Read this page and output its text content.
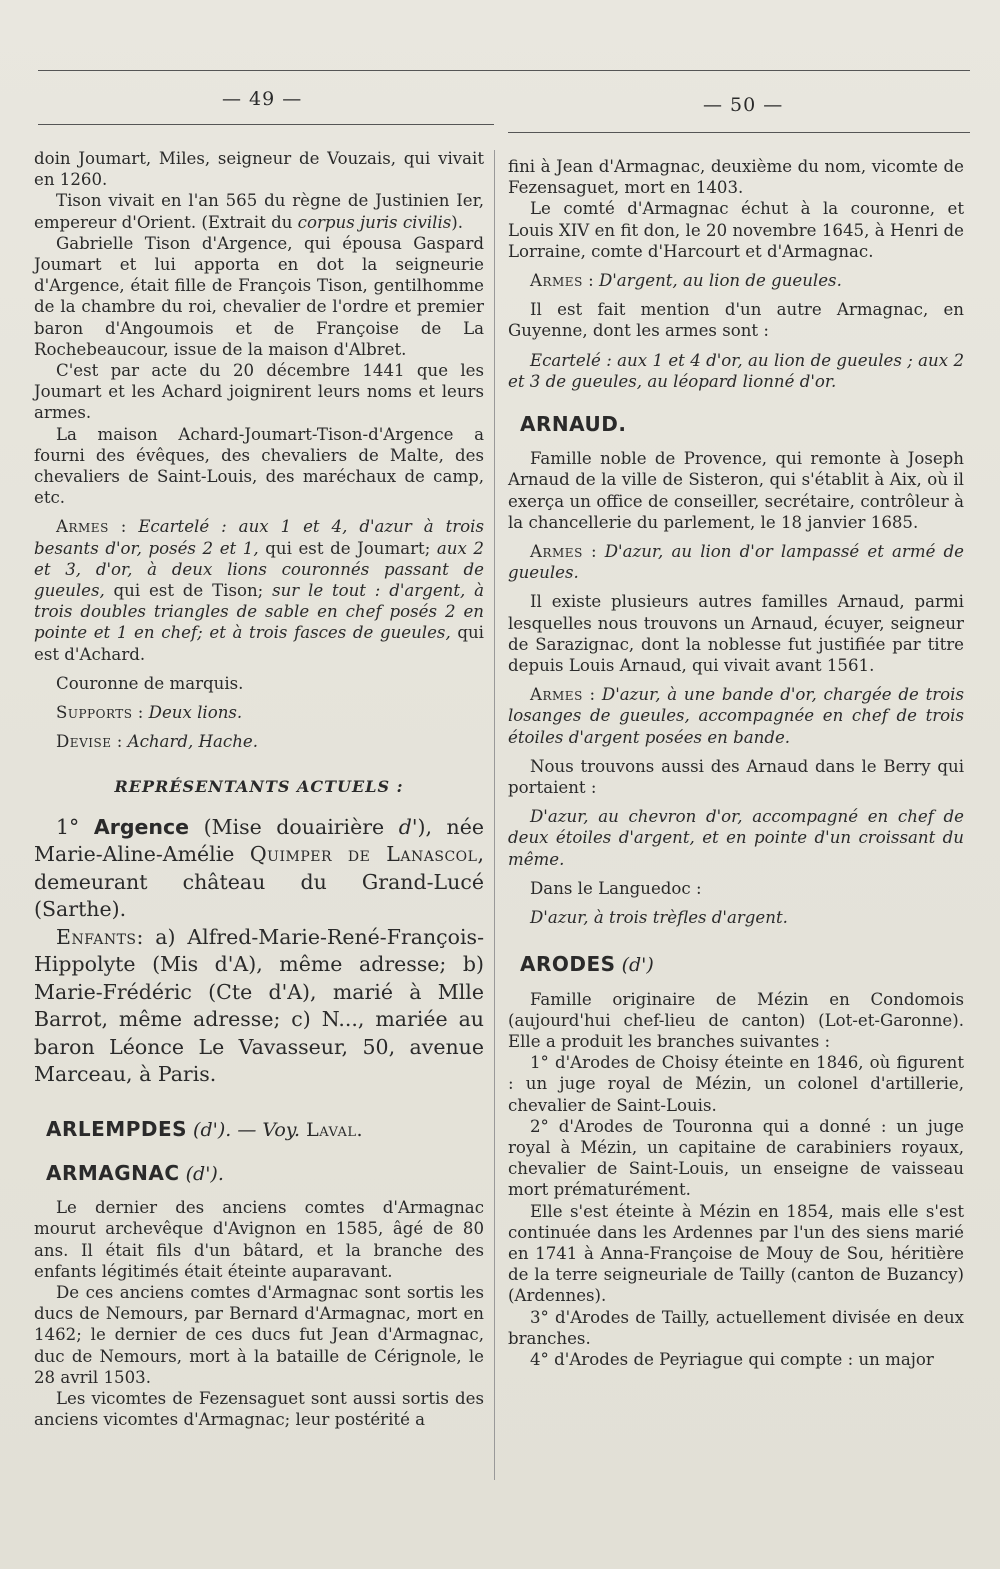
— 49 —	— 50 —

doin Joumart, Miles, seigneur de Vouzais, qui vivait en 1260.

Tison vivait en l'an 565 du règne de Justinien Ier, empereur d'Orient. (Extrait du corpus juris civilis).

Gabrielle Tison d'Argence, qui épousa Gaspard Joumart et lui apporta en dot la seigneurie d'Argence, était fille de François Tison, gentilhomme de la chambre du roi, chevalier de l'ordre et premier baron d'Angoumois et de Françoise de La Rochebeaucour, issue de la maison d'Albret.

C'est par acte du 20 décembre 1441 que les Joumart et les Achard joignirent leurs noms et leurs armes.

La maison Achard-Joumart-Tison-d'Argence a fourni des évêques, des chevaliers de Malte, des chevaliers de Saint-Louis, des maréchaux de camp, etc.

Armes : Ecartelé : aux 1 et 4, d'azur à trois besants d'or, posés 2 et 1, qui est de Joumart; aux 2 et 3, d'or, à deux lions couronnés passant de gueules, qui est de Tison; sur le tout : d'argent, à trois doubles triangles de sable en chef posés 2 en pointe et 1 en chef; et à trois fasces de gueules, qui est d'Achard.

Couronne de marquis.

Supports : Deux lions.

Devise : Achard, Hache.

REPRÉSENTANTS ACTUELS :

1° Argence (Mise douairière d'), née Marie-Aline-Amélie Quimper de Lanascol, demeurant château du Grand-Lucé (Sarthe).

Enfants: a) Alfred-Marie-René-François-Hippolyte (Mis d'A), même adresse; b) Marie-Frédéric (Cte d'A), marié à Mlle Barrot, même adresse; c) N..., mariée au baron Léonce Le Vavasseur, 50, avenue Marceau, à Paris.

ARLEMPDES (d'). — Voy. Laval.

ARMAGNAC (d').

Le dernier des anciens comtes d'Armagnac mourut archevêque d'Avignon en 1585, âgé de 80 ans. Il était fils d'un bâtard, et la branche des enfants légitimés était éteinte auparavant.

De ces anciens comtes d'Armagnac sont sortis les ducs de Nemours, par Bernard d'Armagnac, mort en 1462; le dernier de ces ducs fut Jean d'Armagnac, duc de Nemours, mort à la bataille de Cérignole, le 28 avril 1503.

Les vicomtes de Fezensaguet sont aussi sortis des anciens vicomtes d'Armagnac; leur postérité a

fini à Jean d'Armagnac, deuxième du nom, vicomte de Fezensaguet, mort en 1403.

Le comté d'Armagnac échut à la couronne, et Louis XIV en fit don, le 20 novembre 1645, à Henri de Lorraine, comte d'Harcourt et d'Armagnac.

Armes : D'argent, au lion de gueules.

Il est fait mention d'un autre Armagnac, en Guyenne, dont les armes sont :

Ecartelé : aux 1 et 4 d'or, au lion de gueules ; aux 2 et 3 de gueules, au léopard lionné d'or.

ARNAUD.

Famille noble de Provence, qui remonte à Joseph Arnaud de la ville de Sisteron, qui s'établit à Aix, où il exerça un office de conseiller, secrétaire, contrôleur à la chancellerie du parlement, le 18 janvier 1685.

Armes : D'azur, au lion d'or lampassé et armé de gueules.

Il existe plusieurs autres familles Arnaud, parmi lesquelles nous trouvons un Arnaud, écuyer, seigneur de Sarazignac, dont la noblesse fut justifiée par titre depuis Louis Arnaud, qui vivait avant 1561.

Armes : D'azur, à une bande d'or, chargée de trois losanges de gueules, accompagnée en chef de trois étoiles d'argent posées en bande.

Nous trouvons aussi des Arnaud dans le Berry qui portaient :

D'azur, au chevron d'or, accompagné en chef de deux étoiles d'argent, et en pointe d'un croissant du même.

Dans le Languedoc :

D'azur, à trois trèfles d'argent.

ARODES (d')

Famille originaire de Mézin en Condomois (aujourd'hui chef-lieu de canton) (Lot-et-Garonne). Elle a produit les branches suivantes :

1° d'Arodes de Choisy éteinte en 1846, où figurent : un juge royal de Mézin, un colonel d'artillerie, chevalier de Saint-Louis.

2° d'Arodes de Touronna qui a donné : un juge royal à Mézin, un capitaine de carabiniers royaux, chevalier de Saint-Louis, un enseigne de vaisseau mort prématurément.

Elle s'est éteinte à Mézin en 1854, mais elle s'est continuée dans les Ardennes par l'un des siens marié en 1741 à Anna-Françoise de Mouy de Sou, héritière de la terre seigneuriale de Tailly (canton de Buzancy) (Ardennes).

3° d'Arodes de Tailly, actuellement divisée en deux branches.

4° d'Arodes de Peyriague qui compte : un major
